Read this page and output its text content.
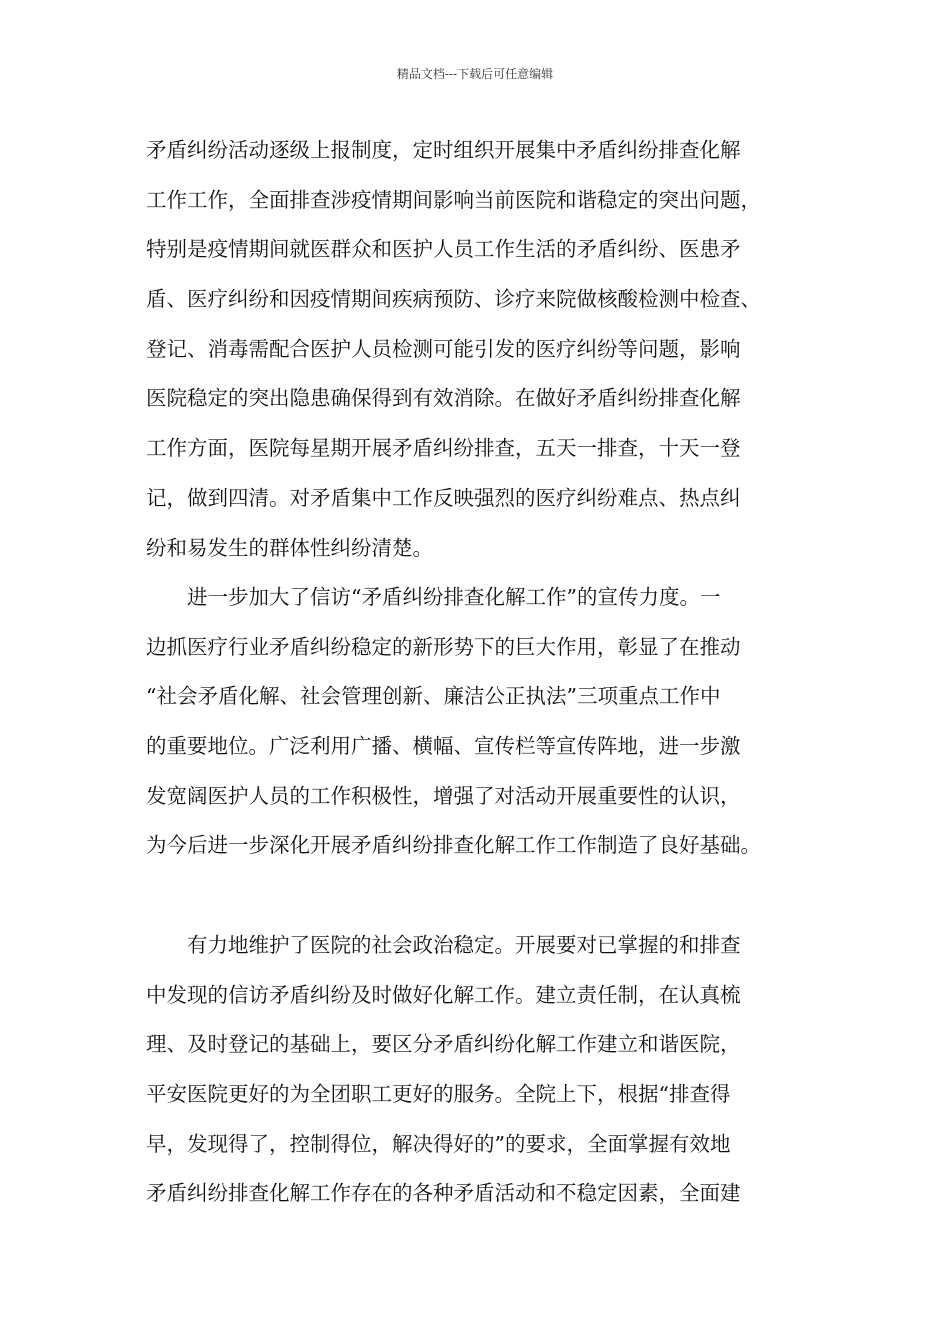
精品文档---下载后可任意编辑
矛盾纠纷活动逐级上报制度，定时组织开展集中矛盾纠纷排查化解
工作工作，全面排查涉疫情期间影响当前医院和谐稳定的突出问题，
特别是疫情期间就医群众和医护人员工作生活的矛盾纠纷、医患矛
盾、医疗纠纷和因疫情期间疾病预防、诊疗来院做核酸检测中检查、
登记、消毒需配合医护人员检测可能引发的医疗纠纷等问题，影响
医院稳定的突出隐患确保得到有效消除。在做好矛盾纠纷排查化解
工作方面，医院每星期开展矛盾纠纷排查，五天一排查，十天一登
记，做到四清。对矛盾集中工作反映强烈的医疗纠纷难点、热点纠
纷和易发生的群体性纠纷清楚。
　　进一步加大了信访“矛盾纠纷排查化解工作”的宣传力度。一
边抓医疗行业矛盾纠纷稳定的新形势下的巨大作用，彰显了在推动
“社会矛盾化解、社会管理创新、廉洁公正执法”三项重点工作中
的重要地位。广泛利用广播、横幅、宣传栏等宣传阵地，进一步激
发宽阔医护人员的工作积极性，增强了对活动开展重要性的认识，
为今后进一步深化开展矛盾纠纷排查化解工作工作制造了良好基础。
　　有力地维护了医院的社会政治稳定。开展要对已掌握的和排查
中发现的信访矛盾纠纷及时做好化解工作。建立责任制，在认真梳
理、及时登记的基础上，要区分矛盾纠纷化解工作建立和谐医院，
平安医院更好的为全团职工更好的服务。全院上下，根据“排查得
早，发现得了，控制得位，解决得好的”的要求，全面掌握有效地
矛盾纠纷排查化解工作存在的各种矛盾活动和不稳定因素，全面建
